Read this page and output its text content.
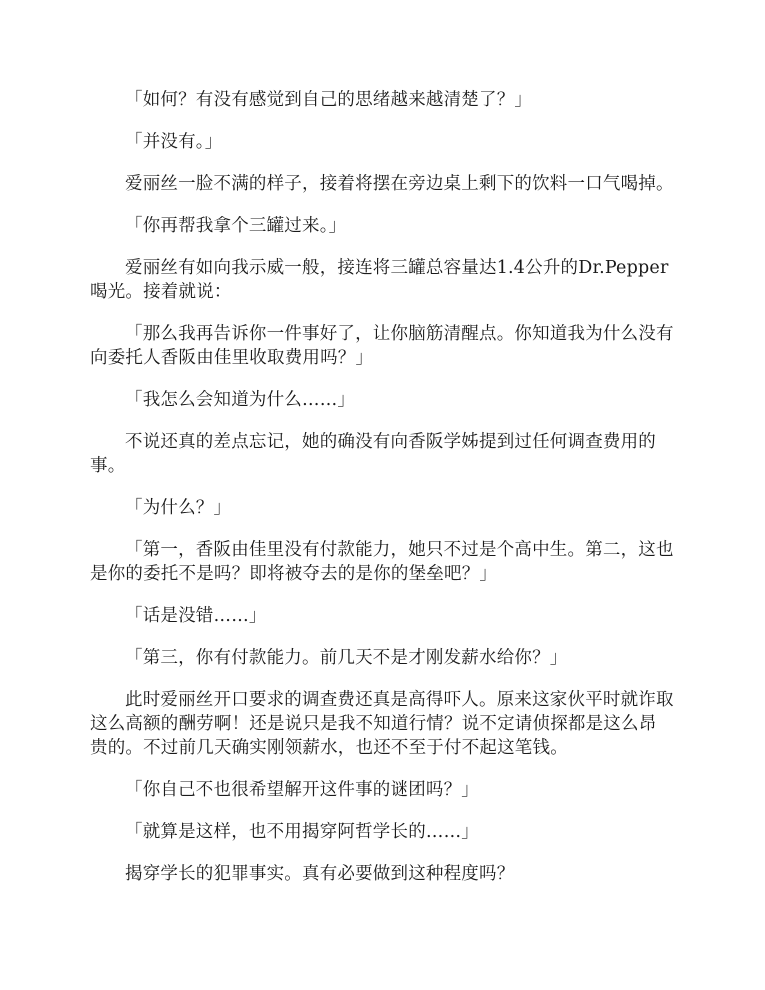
「如何？有没有感觉到自己的思绪越来越清楚了？」

「并没有。」

爱丽丝一脸不满的样子，接着将摆在旁边桌上剩下的饮料一口气喝掉。

「你再帮我拿个三罐过来。」

爱丽丝有如向我示威一般，接连将三罐总容量达1.4公升的Dr.Pepper喝光。接着就说：

「那么我再告诉你一件事好了，让你脑筋清醒点。你知道我为什么没有向委托人香阪由佳里收取费用吗？」

「我怎么会知道为什么……」

不说还真的差点忘记，她的确没有向香阪学姊提到过任何调查费用的事。

「为什么？」

「第一，香阪由佳里没有付款能力，她只不过是个高中生。第二，这也是你的委托不是吗？即将被夺去的是你的堡垒吧？」

「话是没错……」

「第三，你有付款能力。前几天不是才刚发薪水给你？」

此时爱丽丝开口要求的调查费还真是高得吓人。原来这家伙平时就诈取这么高额的酬劳啊！还是说只是我不知道行情？说不定请侦探都是这么昂贵的。不过前几天确实刚领薪水，也还不至于付不起这笔钱。

「你自己不也很希望解开这件事的谜团吗？」

「就算是这样，也不用揭穿阿哲学长的……」

揭穿学长的犯罪事实。真有必要做到这种程度吗？
